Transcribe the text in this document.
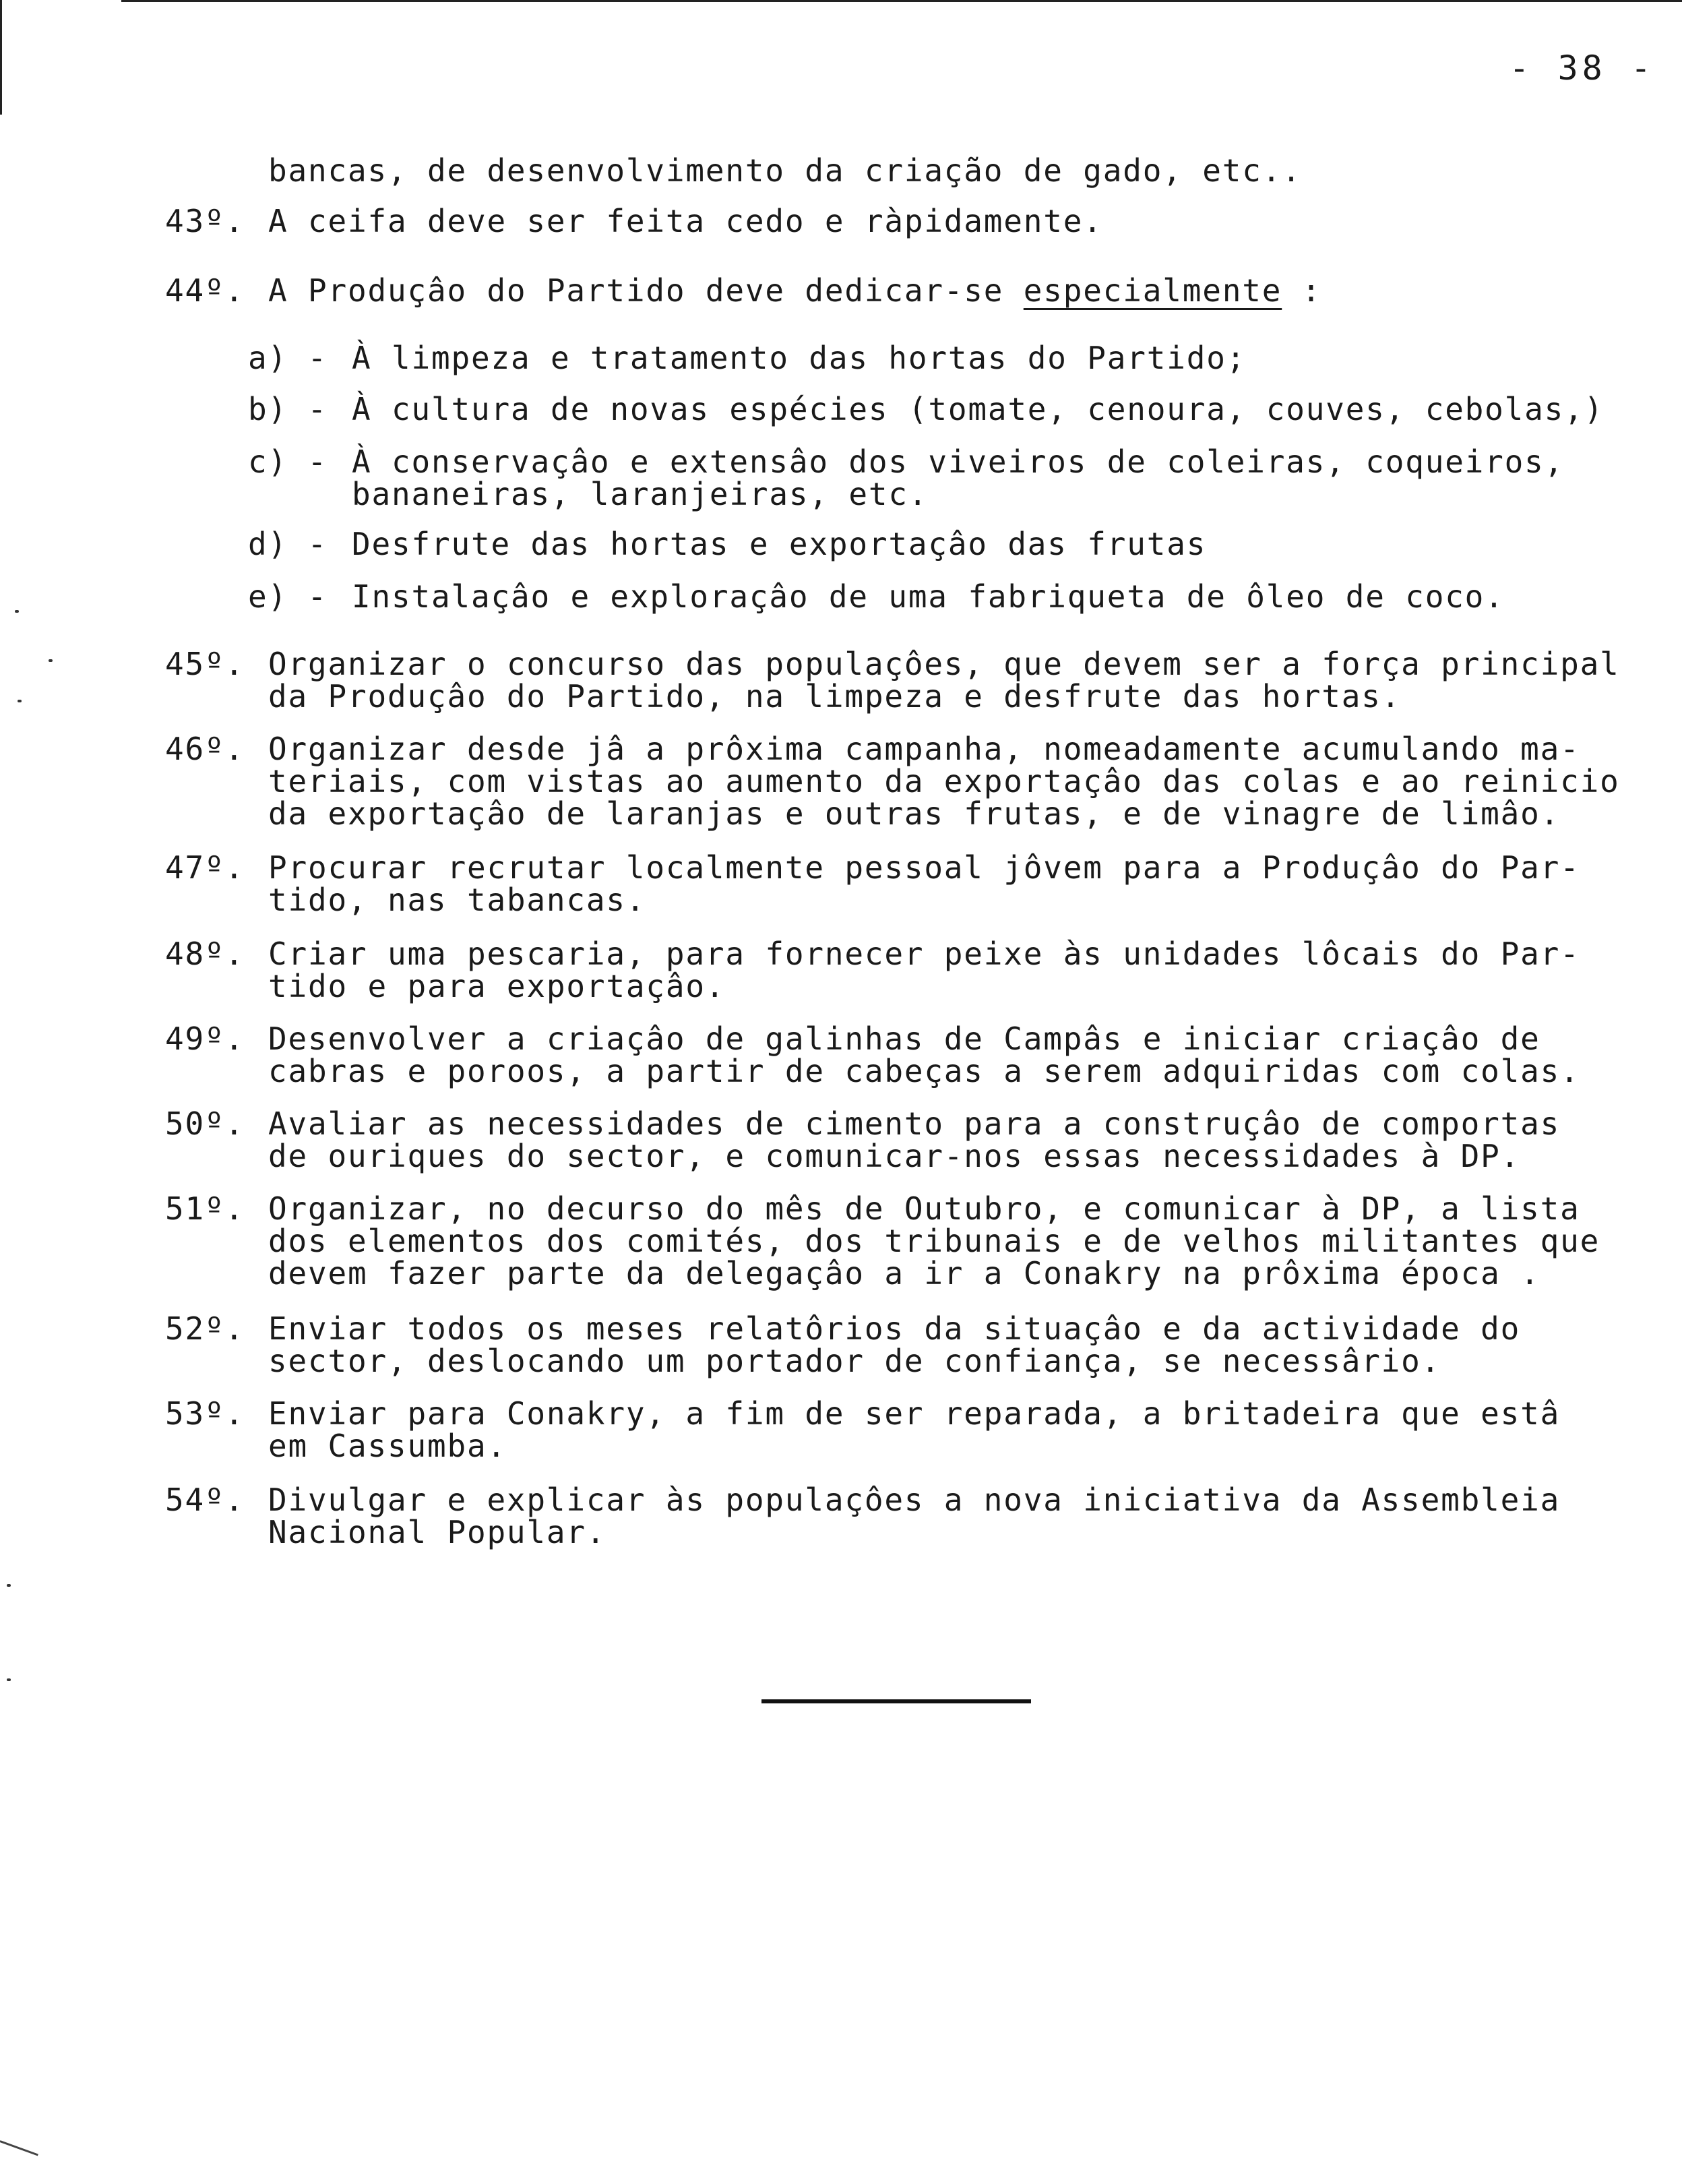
- 38 -
bancas, de desenvolvimento da criação de gado, etc..
43º. A ceifa deve ser feita cedo e ràpidamente.
44º. A Produçâo do Partido deve dedicar-se especialmente :
a) - À limpeza e tratamento das hortas do Partido;
b) - À cultura de novas espécies (tomate, cenoura, couves, cebolas,)
c) - À conservaçâo e extensâo dos viveiros de coleiras, coqueiros,
bananeiras, laranjeiras, etc.
d) - Desfrute das hortas e exportaçâo das frutas
e) - Instalaçâo e exploraçâo de uma fabriqueta de ôleo de coco.
45º. Organizar o concurso das populaçôes, que devem ser a força principal
da Produçâo do Partido, na limpeza e desfrute das hortas.
46º. Organizar desde jâ a prôxima campanha, nomeadamente acumulando ma-
teriais, com vistas ao aumento da exportaçâo das colas e ao reinicio
da exportaçâo de laranjas e outras frutas, e de vinagre de limâo.
47º. Procurar recrutar localmente pessoal jôvem para a Produçâo do Par-
tido, nas tabancas.
48º. Criar uma pescaria, para fornecer peixe às unidades lôcais do Par-
tido e para exportaçâo.
49º. Desenvolver a criaçâo de galinhas de Campâs e iniciar criaçâo de
cabras e poroos, a partir de cabeças a serem adquiridas com colas.
50º. Avaliar as necessidades de cimento para a construçâo de comportas
de ouriques do sector, e comunicar-nos essas necessidades à DP.
51º. Organizar, no decurso do mês de Outubro, e comunicar à DP, a lista
dos elementos dos comités, dos tribunais e de velhos militantes que
devem fazer parte da delegaçâo a ir a Conakry na prôxima época .
52º. Enviar todos os meses relatôrios da situaçâo e da actividade do
sector, deslocando um portador de confiança, se necessârio.
53º. Enviar para Conakry, a fim de ser reparada, a britadeira que estâ
em Cassumba.
54º. Divulgar e explicar às populaçôes a nova iniciativa da Assembleia
Nacional Popular.
